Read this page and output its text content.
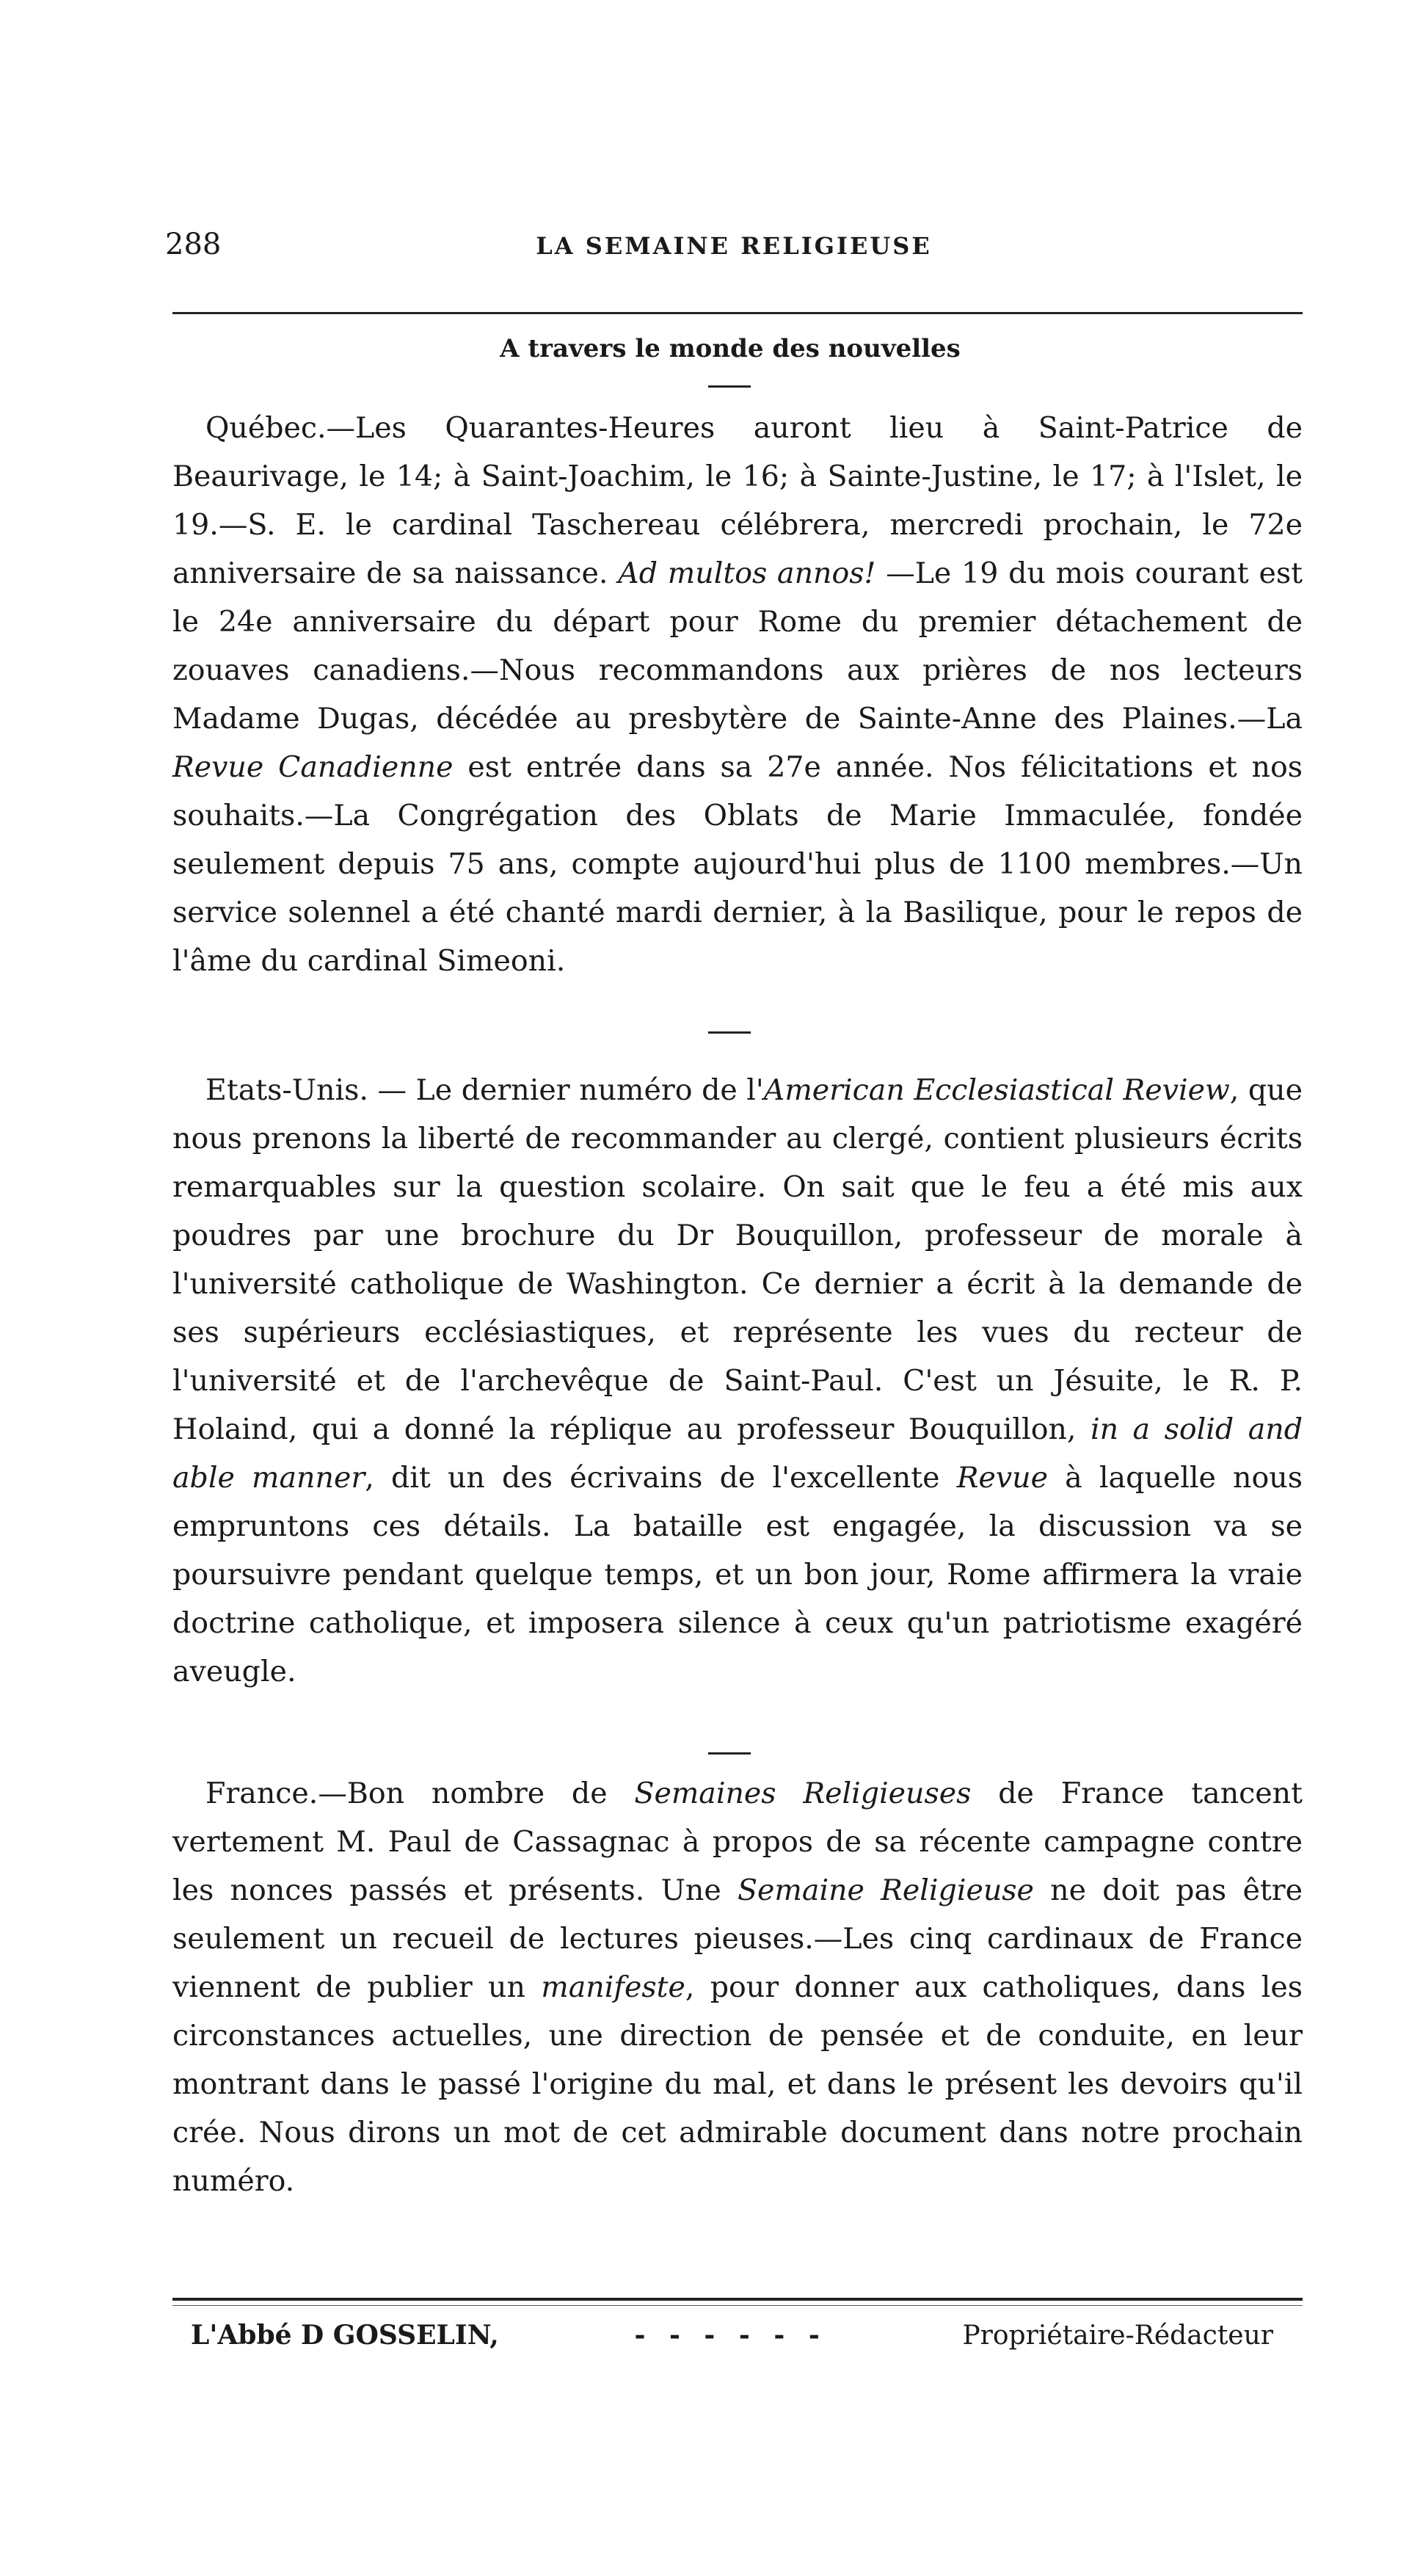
288	LA SEMAINE RELIGIEUSE
A travers le monde des nouvelles

Québec.—Les Quarantes-Heures auront lieu à Saint-Patrice de Beaurivage, le 14; à Saint-Joachim, le 16; à Sainte-Justine, le 17; à l'Islet, le 19.—S. E. le cardinal Taschereau célébrera, mercredi prochain, le 72e anniversaire de sa naissance. Ad multos annos! —Le 19 du mois courant est le 24e anniversaire du départ pour Rome du premier détachement de zouaves canadiens.—Nous recommandons aux prières de nos lecteurs Madame Dugas, décédée au presbytère de Sainte-Anne des Plaines.—La Revue Canadienne est entrée dans sa 27e année. Nos félicitations et nos souhaits.—La Congrégation des Oblats de Marie Immaculée, fondée seulement depuis 75 ans, compte aujourd'hui plus de 1100 membres.—Un service solennel a été chanté mardi dernier, à la Basilique, pour le repos de l'âme du cardinal Simeoni.

Etats-Unis. — Le dernier numéro de l'American Ecclesiastical Review, que nous prenons la liberté de recommander au clergé, contient plusieurs écrits remarquables sur la question scolaire. On sait que le feu a été mis aux poudres par une brochure du Dr Bouquillon, professeur de morale à l'université catholique de Washington. Ce dernier a écrit à la demande de ses supérieurs ecclésiastiques, et représente les vues du recteur de l'université et de l'archevêque de Saint-Paul. C'est un Jésuite, le R. P. Holaind, qui a donné la réplique au professeur Bouquillon, in a solid and able manner, dit un des écrivains de l'excellente Revue à laquelle nous empruntons ces détails. La bataille est engagée, la discussion va se poursuivre pendant quelque temps, et un bon jour, Rome affirmera la vraie doctrine catholique, et imposera silence à ceux qu'un patriotisme exagéré aveugle.

France.—Bon nombre de Semaines Religieuses de France tancent vertement M. Paul de Cassagnac à propos de sa récente campagne contre les nonces passés et présents. Une Semaine Religieuse ne doit pas être seulement un recueil de lectures pieuses.—Les cinq cardinaux de France viennent de publier un manifeste, pour donner aux catholiques, dans les circonstances actuelles, une direction de pensée et de conduite, en leur montrant dans le passé l'origine du mal, et dans le présent les devoirs qu'il crée. Nous dirons un mot de cet admirable document dans notre prochain numéro.

L'Abbé D GOSSELIN,	- - - - - -	Propriétaire-Rédacteur
